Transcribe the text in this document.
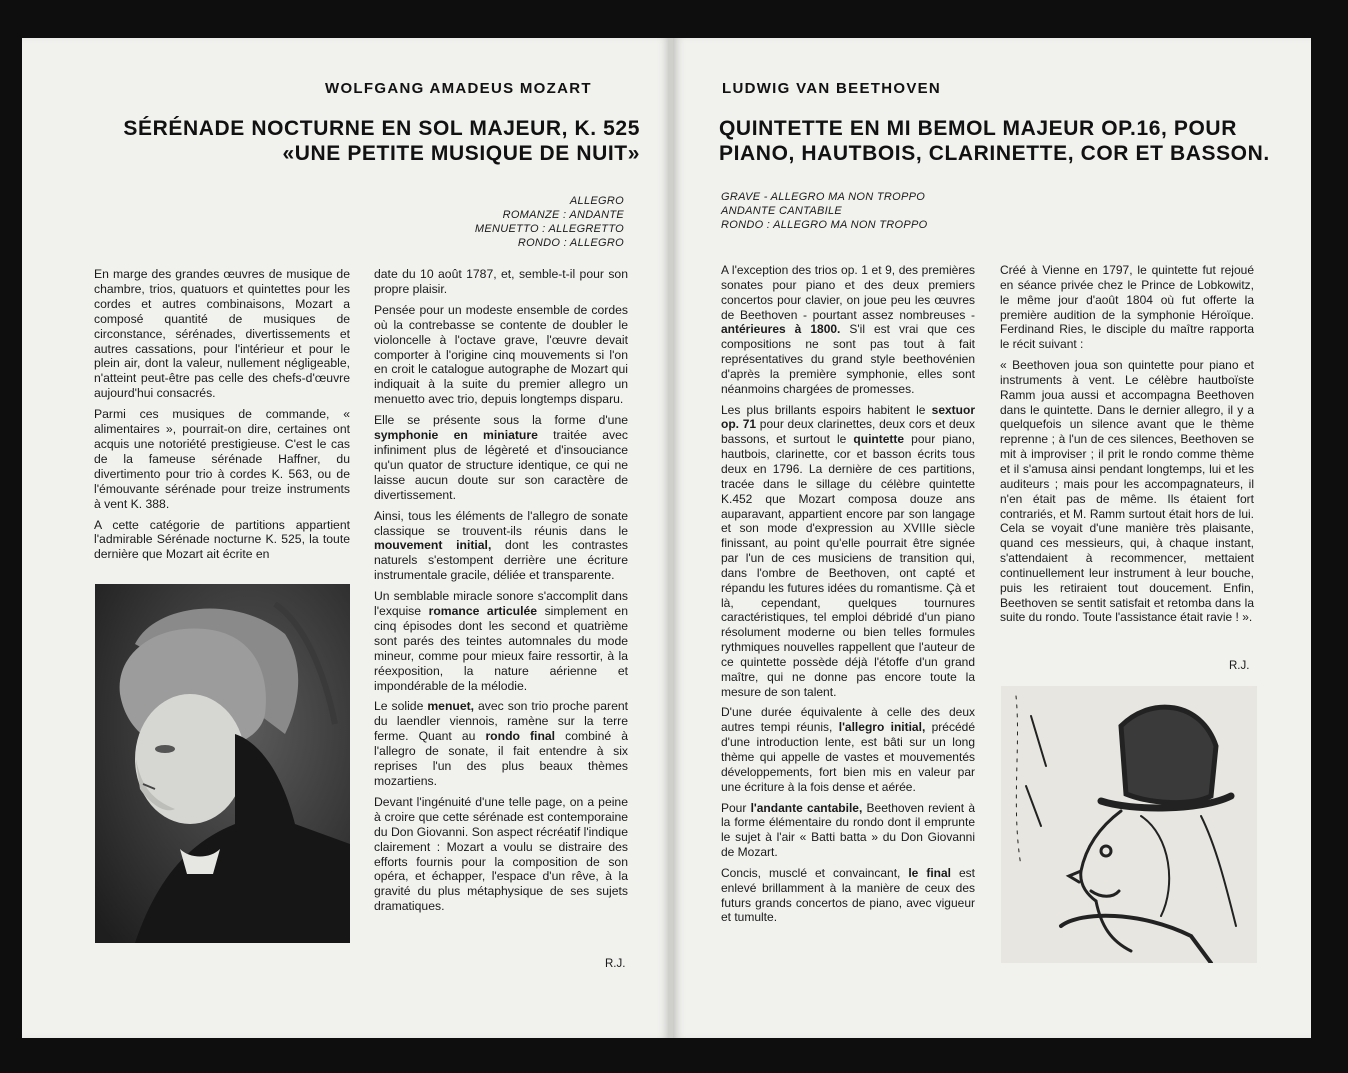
WOLFGANG AMADEUS MOZART
SÉRÉNADE NOCTURNE EN SOL MAJEUR, K. 525
«UNE PETITE MUSIQUE DE NUIT»
ALLEGRO
ROMANZE : ANDANTE
MENUETTO : ALLEGRETTO
RONDO : ALLEGRO

En marge des grandes œuvres de musique de chambre, trios, quatuors et quintettes pour les cordes et autres combinaisons, Mozart a composé quantité de musiques de circonstance, sérénades, divertissements et autres cassations, pour l'intérieur et pour le plein air, dont la valeur, nullement négligeable, n'atteint peut-être pas celle des chefs-d'œuvre aujourd'hui consacrés.

Parmi ces musiques de commande, « alimentaires », pourrait-on dire, certaines ont acquis une notoriété prestigieuse. C'est le cas de la fameuse sérénade Haffner, du divertimento pour trio à cordes K. 563, ou de l'émouvante sérénade pour treize instruments à vent K. 388.

A cette catégorie de partitions appartient l'admirable Sérénade nocturne K. 525, la toute dernière que Mozart ait écrite en

date du 10 août 1787, et, semble-t-il pour son propre plaisir.

Pensée pour un modeste ensemble de cordes où la contrebasse se contente de doubler le violoncelle à l'octave grave, l'œuvre devait comporter à l'origine cinq mouvements si l'on en croit le catalogue autographe de Mozart qui indiquait à la suite du premier allegro un menuetto avec trio, depuis longtemps disparu.

Elle se présente sous la forme d'une symphonie en miniature traitée avec infiniment plus de légèreté et d'insouciance qu'un quator de structure identique, ce qui ne laisse aucun doute sur son caractère de divertissement.

Ainsi, tous les éléments de l'allegro de sonate classique se trouvent-ils réunis dans le mouvement initial, dont les contrastes naturels s'estompent derrière une écriture instrumentale gracile, déliée et transparente.

Un semblable miracle sonore s'accomplit dans l'exquise romance articulée simplement en cinq épisodes dont les second et quatrième sont parés des teintes automnales du mode mineur, comme pour mieux faire ressortir, à la réexposition, la nature aérienne et impondérable de la mélodie.

Le solide menuet, avec son trio proche parent du laendler viennois, ramène sur la terre ferme. Quant au rondo final combiné à l'allegro de sonate, il fait entendre à six reprises l'un des plus beaux thèmes mozartiens.

Devant l'ingénuité d'une telle page, on a peine à croire que cette sérénade est contemporaine du Don Giovanni. Son aspect récréatif l'indique clairement : Mozart a voulu se distraire des efforts fournis pour la composition de son opéra, et échapper, l'espace d'un rêve, à la gravité du plus métaphysique de ses sujets dramatiques.

R.J.
LUDWIG VAN BEETHOVEN
QUINTETTE EN MI BEMOL MAJEUR OP.16, POUR
PIANO, HAUTBOIS, CLARINETTE, COR ET BASSON.
GRAVE - ALLEGRO MA NON TROPPO
ANDANTE CANTABILE
RONDO : ALLEGRO MA NON TROPPO

A l'exception des trios op. 1 et 9, des premières sonates pour piano et des deux premiers concertos pour clavier, on joue peu les œuvres de Beethoven - pourtant assez nombreuses - antérieures à 1800. S'il est vrai que ces compositions ne sont pas tout à fait représentatives du grand style beethovénien d'après la première symphonie, elles sont néanmoins chargées de promesses.

Les plus brillants espoirs habitent le sextuor op. 71 pour deux clarinettes, deux cors et deux bassons, et surtout le quintette pour piano, hautbois, clarinette, cor et basson écrits tous deux en 1796. La dernière de ces partitions, tracée dans le sillage du célèbre quintette K.452 que Mozart composa douze ans auparavant, appartient encore par son langage et son mode d'expression au XVIIIe siècle finissant, au point qu'elle pourrait être signée par l'un de ces musiciens de transition qui, dans l'ombre de Beethoven, ont capté et répandu les futures idées du romantisme. Çà et là, cependant, quelques tournures caractéristiques, tel emploi débridé d'un piano résolument moderne ou bien telles formules rythmiques nouvelles rappellent que l'auteur de ce quintette possède déjà l'étoffe d'un grand maître, qui ne donne pas encore toute la mesure de son talent.

D'une durée équivalente à celle des deux autres tempi réunis, l'allegro initial, précédé d'une introduction lente, est bâti sur un long thème qui appelle de vastes et mouvementés développements, fort bien mis en valeur par une écriture à la fois dense et aérée.

Pour l'andante cantabile, Beethoven revient à la forme élémentaire du rondo dont il emprunte le sujet à l'air « Batti batta » du Don Giovanni de Mozart.

Concis, musclé et convaincant, le final est enlevé brillamment à la manière de ceux des futurs grands concertos de piano, avec vigueur et tumulte.

Créé à Vienne en 1797, le quintette fut rejoué en séance privée chez le Prince de Lobkowitz, le même jour d'août 1804 où fut offerte la première audition de la symphonie Héroïque. Ferdinand Ries, le disciple du maître rapporta le récit suivant :

« Beethoven joua son quintette pour piano et instruments à vent. Le célèbre hautboïste Ramm joua aussi et accompagna Beethoven dans le quintette. Dans le dernier allegro, il y a quelquefois un silence avant que le thème reprenne ; à l'un de ces silences, Beethoven se mit à improviser ; il prit le rondo comme thème et il s'amusa ainsi pendant longtemps, lui et les auditeurs ; mais pour les accompagnateurs, il n'en était pas de même. Ils étaient fort contrariés, et M. Ramm surtout était hors de lui. Cela se voyait d'une manière très plaisante, quand ces messieurs, qui, à chaque instant, s'attendaient à recommencer, mettaient continuellement leur instrument à leur bouche, puis les retiraient tout doucement. Enfin, Beethoven se sentit satisfait et retomba dans la suite du rondo. Toute l'assistance était ravie ! ».

R.J.
